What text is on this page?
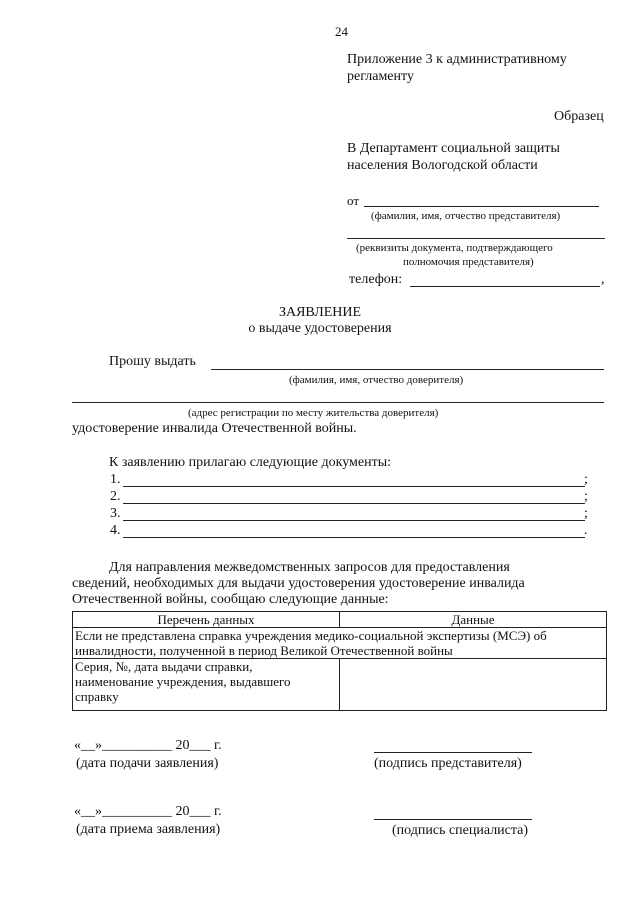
24
Приложение 3 к административному
регламенту
Образец
В Департамент социальной защиты
населения Вологодской области
от
(фамилия, имя, отчество представителя)
(реквизиты документа, подтверждающего
полномочия представителя)
телефон:	,
ЗАЯВЛЕНИЕ
о выдаче удостоверения
Прошу выдать
(фамилия, имя, отчество доверителя)
(адрес регистрации по месту жительства доверителя)
удостоверение инвалида Отечественной войны.
К заявлению прилагаю следующие документы:
1.	;
2.	;
3.	;
4.	.
Для направления межведомственных запросов для предоставления
сведений, необходимых для выдачи удостоверения удостоверение инвалида
Отечественной войны, сообщаю следующие данные:
Перечень данных	Данные
Если не представлена справка учреждения медико-социальной экспертизы (МСЭ) об инвалидности, полученной в период Великой Отечественной войны	

Серия, №, дата выдачи справки,
наименование учреждения, выдавшего
справку	

«__»__________ 20___ г.
(дата подачи заявления)	(подпись представителя)
«__»__________ 20___ г.
(дата приема заявления)	(подпись специалиста)
